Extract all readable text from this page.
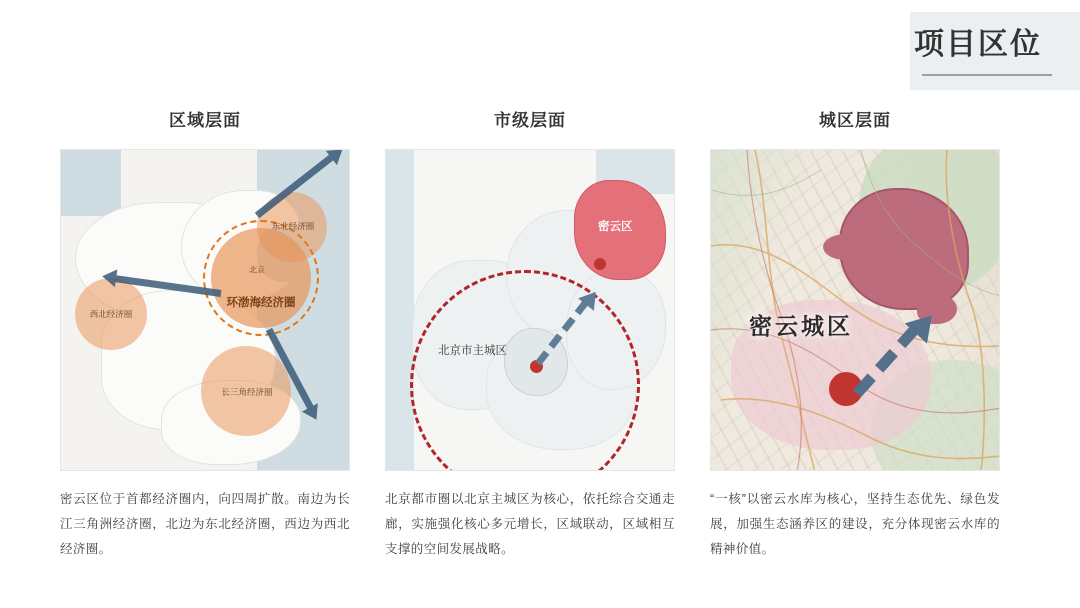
项目区位
区域层面
北京
环渤海经济圈
东北经济圈
西北经济圈
长三角经济圈
密云区位于首都经济圈内，向四周扩散。南边为长江三角洲经济圈，北边为东北经济圈，西边为西北经济圈。
市级层面
北京市主城区
密云区
北京都市圈以北京主城区为核心，依托综合交通走廊，实施强化核心多元增长，区域联动，区域相互支撑的空间发展战略。
城区层面
密云城区
“一核”以密云水库为核心，坚持生态优先、绿色发展，加强生态涵养区的建设，充分体现密云水库的精神价值。
